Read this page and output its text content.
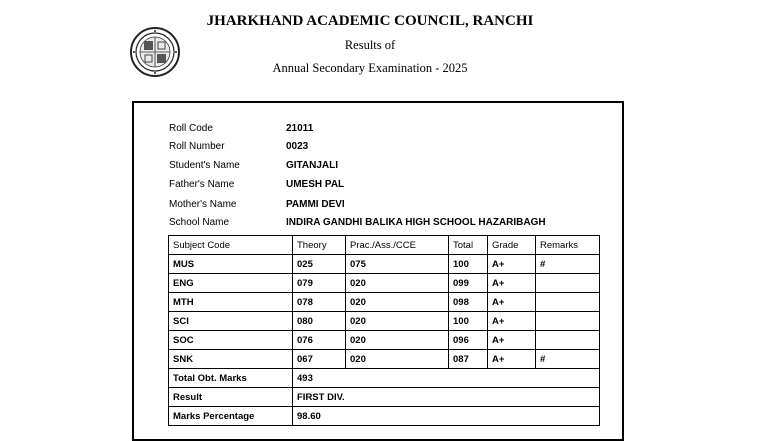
JHARKHAND ACADEMIC COUNCIL, RANCHI
Results of
Annual Secondary Examination - 2025
Roll Code	21011
Roll Number	0023
Student's Name	GITANJALI
Father's Name	UMESH PAL
Mother's Name	PAMMI DEVI
School Name	INDIRA GANDHI BALIKA HIGH SCHOOL HAZARIBAGH
Subject Code	Theory	Prac./Ass./CCE	Total	Grade	Remarks
MUS	025	075	100	A+	#
ENG	079	020	099	A+	
MTH	078	020	098	A+	
SCI	080	020	100	A+	
SOC	076	020	096	A+	
SNK	067	020	087	A+	#
Total Obt. Marks	493				
Result	FIRST DIV.				
Marks Percentage	98.60				
